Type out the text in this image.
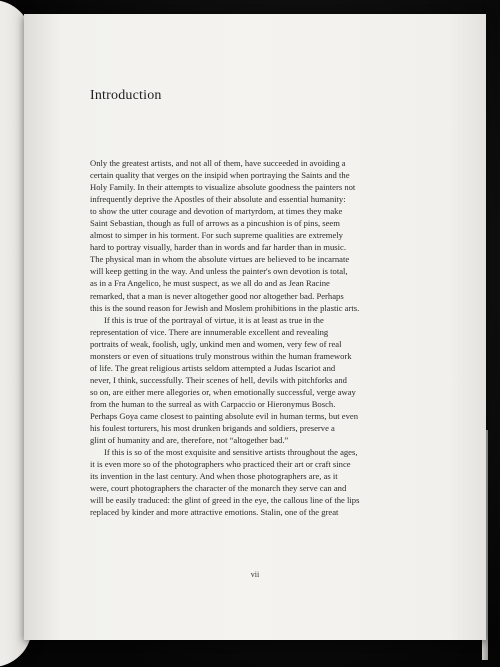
Introduction
Only the greatest artists, and not all of them, have succeeded in avoiding a
certain quality that verges on the insipid when portraying the Saints and the
Holy Family. In their attempts to visualize absolute goodness the painters not
infrequently deprive the Apostles of their absolute and essential humanity:
to show the utter courage and devotion of martyrdom, at times they make
Saint Sebastian, though as full of arrows as a pincushion is of pins, seem
almost to simper in his torment. For such supreme qualities are extremely
hard to portray visually, harder than in words and far harder than in music.
The physical man in whom the absolute virtues are believed to be incarnate
will keep getting in the way. And unless the painter's own devotion is total,
as in a Fra Angelico, he must suspect, as we all do and as Jean Racine
remarked, that a man is never altogether good nor altogether bad. Perhaps
this is the sound reason for Jewish and Moslem prohibitions in the plastic arts.
If this is true of the portrayal of virtue, it is at least as true in the
representation of vice. There are innumerable excellent and revealing
portraits of weak, foolish, ugly, unkind men and women, very few of real
monsters or even of situations truly monstrous within the human framework
of life. The great religious artists seldom attempted a Judas Iscariot and
never, I think, successfully. Their scenes of hell, devils with pitchforks and
so on, are either mere allegories or, when emotionally successful, verge away
from the human to the surreal as with Carpaccio or Hieronymus Bosch.
Perhaps Goya came closest to painting absolute evil in human terms, but even
his foulest torturers, his most drunken brigands and soldiers, preserve a
glint of humanity and are, therefore, not “altogether bad.”
If this is so of the most exquisite and sensitive artists throughout the ages,
it is even more so of the photographers who practiced their art or craft since
its invention in the last century. And when those photographers are, as it
were, court photographers the character of the monarch they serve can and
will be easily traduced: the glint of greed in the eye, the callous line of the lips
replaced by kinder and more attractive emotions. Stalin, one of the great
vii
